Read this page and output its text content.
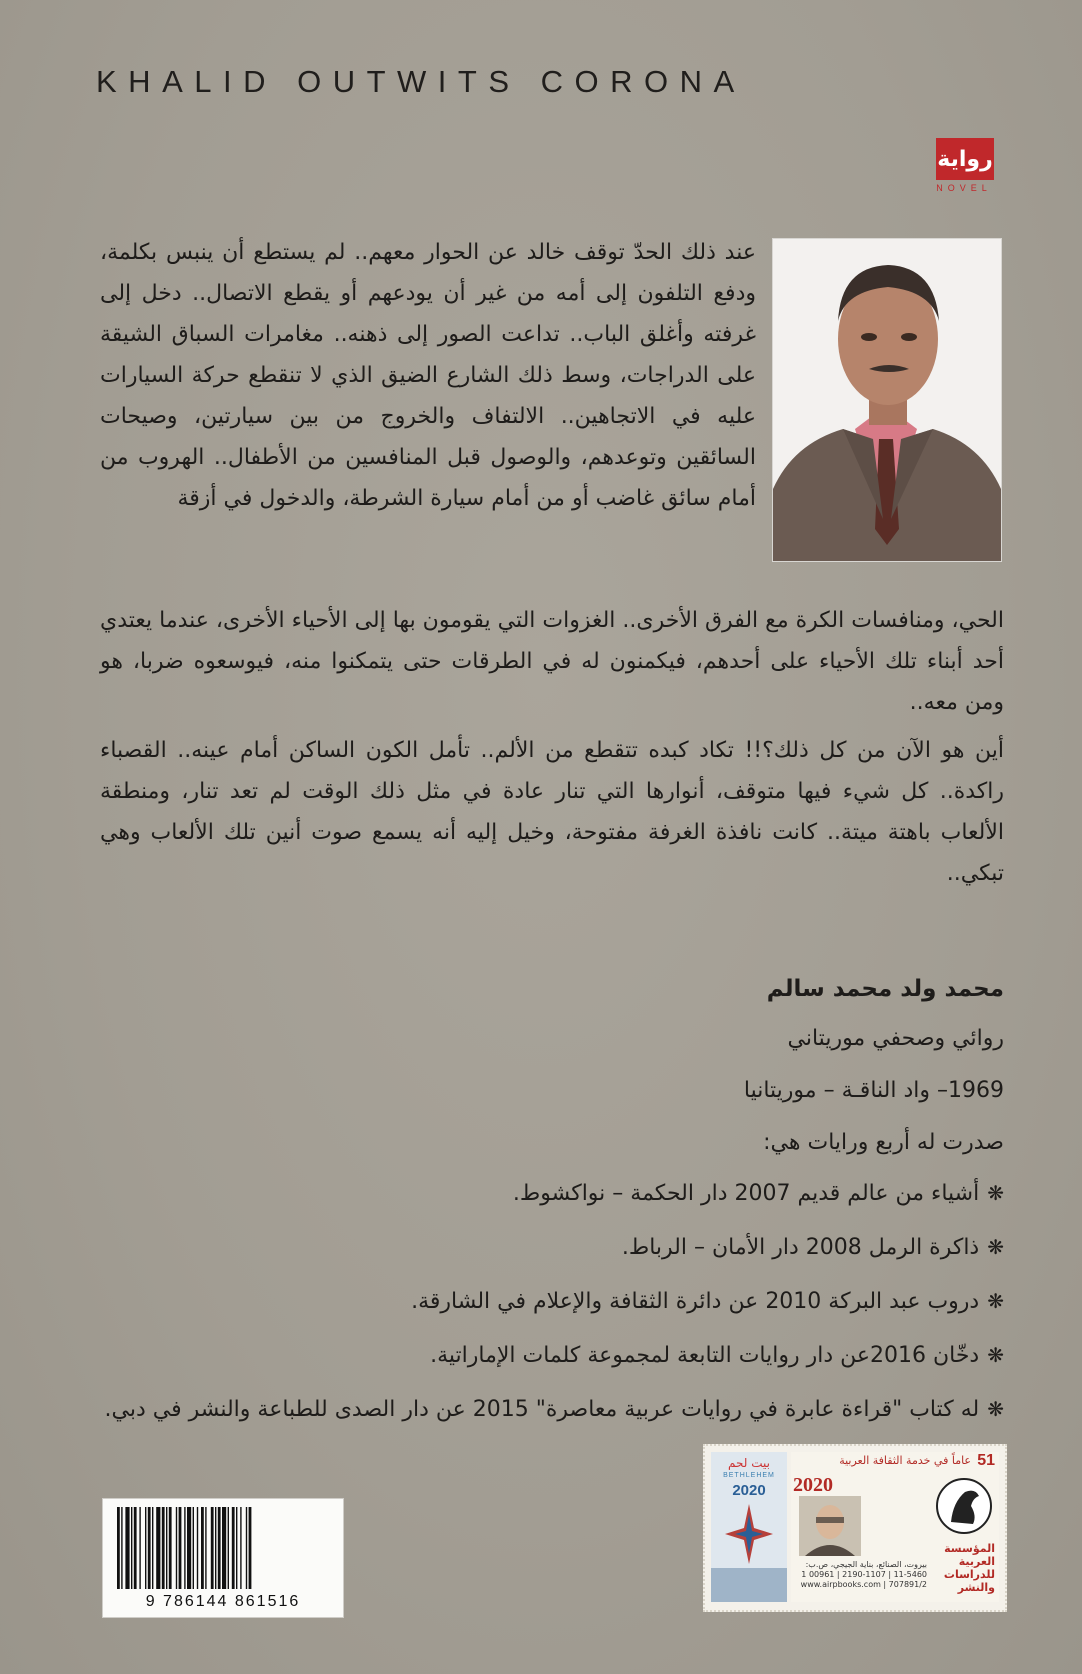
KHALID OUTWITS CORONA
رواية
NOVEL

عند ذلك الحدّ توقف خالد عن الحوار معهم.. لم يستطع أن ينبس بكلمة، ودفع التلفون إلى أمه من غير أن يودعهم أو يقطع الاتصال.. دخل إلى غرفته وأغلق الباب.. تداعت الصور إلى ذهنه.. مغامرات السباق الشيقة على الدراجات، وسط ذلك الشارع الضيق الذي لا تنقطع حركة السيارات عليه في الاتجاهين.. الالتفاف والخروج من بين سيارتين، وصيحات السائقين وتوعدهم، والوصول قبل المنافسين من الأطفال.. الهروب من أمام سائق غاضب أو من أمام سيارة الشرطة، والدخول في أزقة

الحي، ومنافسات الكرة مع الفرق الأخرى.. الغزوات التي يقومون بها إلى الأحياء الأخرى، عندما يعتدي أحد أبناء تلك الأحياء على أحدهم، فيكمنون له في الطرقات حتى يتمكنوا منه، فيوسعوه ضربا، هو ومن معه..

أين هو الآن من كل ذلك؟!! تكاد كبده تتقطع من الألم.. تأمل الكون الساكن أمام عينه.. القصباء راكدة.. كل شيء فيها متوقف، أنوارها التي تنار عادة في مثل ذلك الوقت لم تعد تنار، ومنطقة الألعاب باهتة ميتة.. كانت نافذة الغرفة مفتوحة، وخيل إليه أنه يسمع صوت أنين تلك الألعاب وهي تبكي..

محمد ولد محمد سالم

روائي وصحفي موريتاني

1969– واد الناقـة – موريتانيا

صدرت له أربع ورايات هي:

❋أشياء من عالم قديم 2007 دار الحكمة – نواكشوط.
❋ذاكرة الرمل 2008 دار الأمان – الرباط.
❋دروب عبد البركة 2010 عن دائرة الثقافة والإعلام في الشارقة.
❋دخّان 2016عن دار روايات التابعة لمجموعة كلمات الإماراتية.
❋له كتاب "قراءة عابرة في روايات عربية معاصرة" 2015 عن دار الصدى للطباعة والنشر في دبي.
9 786144 861516
بيت لحم
BETHLEHEM
2020
51
عاماً في خدمة الثقافة العربية
2020
بيروت، الصنائع، بناية الجيجي، ص.ب: 5460-11 | 1107-2190 | 00961 1 707891/2 | www.airpbooks.com
المؤسسة العربية للدراسات والنشر
